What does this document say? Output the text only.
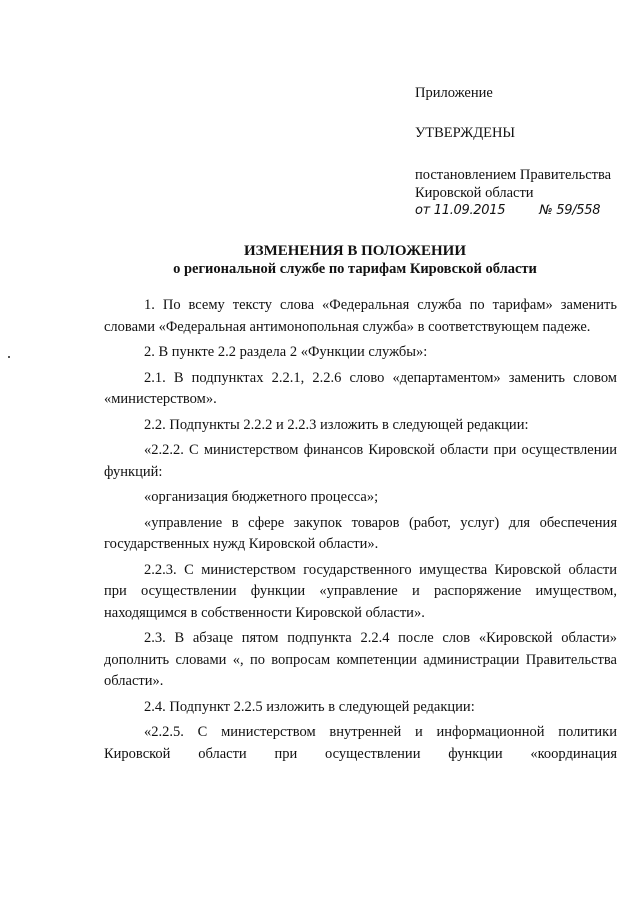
Приложение

УТВЕРЖДЕНЫ

постановлением Правительства

Кировской области

от 11.09.2015	№ 59/558

ИЗМЕНЕНИЯ В ПОЛОЖЕНИИ
о региональной службе по тарифам Кировской области

1. По всему тексту слова «Федеральная служба по тарифам» заменить словами «Федеральная антимонопольная служба» в соответствующем падеже.

2. В пункте 2.2 раздела 2 «Функции службы»:

2.1. В подпунктах 2.2.1, 2.2.6 слово «департаментом» заменить словом «министерством».

2.2. Подпункты 2.2.2 и 2.2.3 изложить в следующей редакции:

«2.2.2. С министерством финансов Кировской области при осуществлении функций:

«организация бюджетного процесса»;

«управление в сфере закупок товаров (работ, услуг) для обеспечения государственных нужд Кировской области».

2.2.3. С министерством государственного имущества Кировской области при осуществлении функции «управление и распоряжение имуществом, находящимся в собственности Кировской области».

2.3. В абзаце пятом подпункта 2.2.4 после слов «Кировской области» дополнить словами «, по вопросам компетенции администрации Правительства области».

2.4. Подпункт 2.2.5 изложить в следующей редакции:

«2.2.5. С министерством внутренней и информационной политики Кировской области при осуществлении функции «координация
